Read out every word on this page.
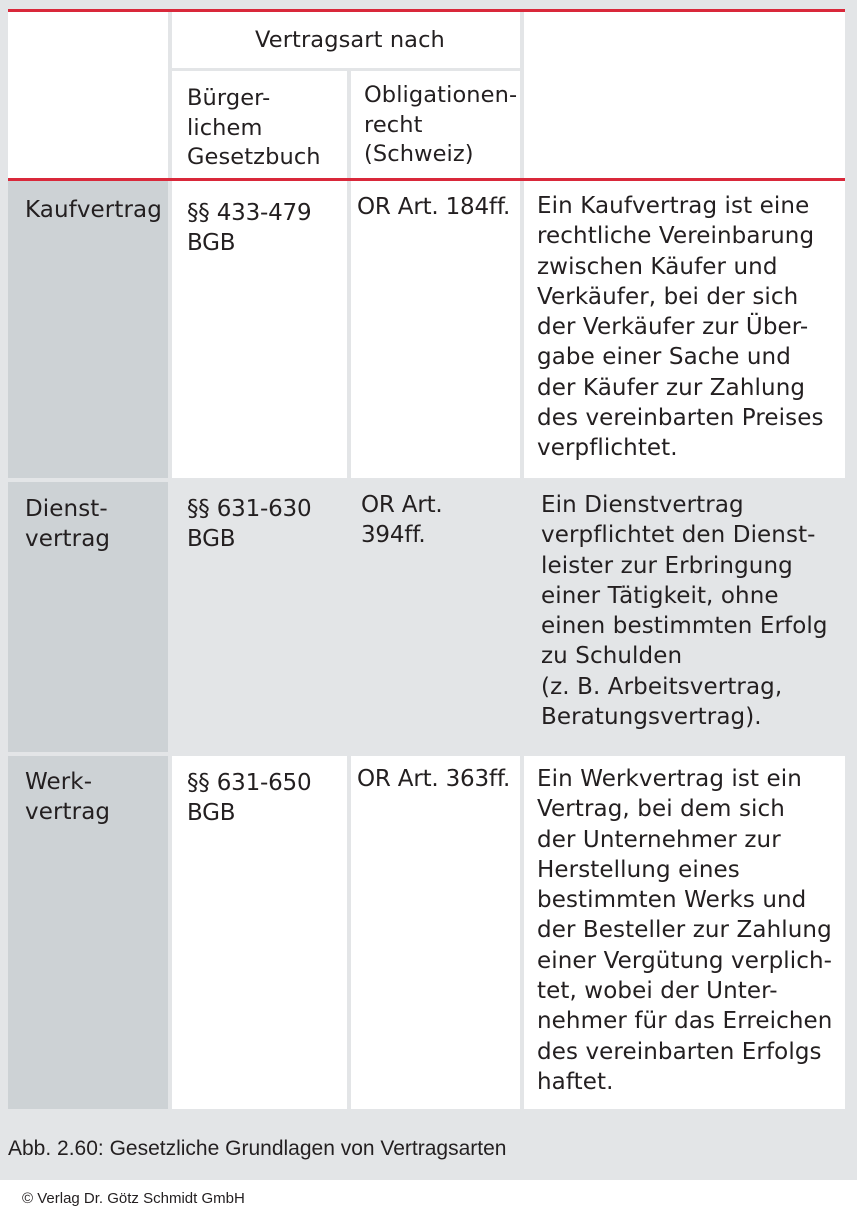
Vertragsart nach
Bürger-
lichem
Gesetzbuch
Obligationen-
recht
(Schweiz)
Kaufvertrag §§ 433-479
BGB
OR Art. 184ff. Ein Kaufvertrag ist eine
rechtliche Vereinbarung
zwischen Käufer und
Verkäufer, bei der sich
der Verkäufer zur Über-
gabe einer Sache und
der Käufer zur Zahlung
des vereinbarten Preises
verpflichtet.
Dienst-
vertrag
§§ 631-630
BGB
OR Art.
394ff.
Ein Dienstvertrag
verpflichtet den Dienst-
leister zur Erbringung
einer Tätigkeit, ohne
einen bestimmten Erfolg
zu Schulden
(z. B. Arbeitsvertrag,
Beratungsvertrag).
Werk-
vertrag
§§ 631-650
BGB
OR Art. 363ff. Ein Werkvertrag ist ein
Vertrag, bei dem sich
der Unternehmer zur
Herstellung eines
bestimmten Werks und
der Besteller zur Zahlung
einer Vergütung verplich-
tet, wobei der Unter-
nehmer für das Erreichen
des vereinbarten Erfolgs
haftet.
Abb. 2.60: Gesetzliche Grundlagen von Vertragsarten
© Verlag Dr. Götz Schmidt GmbH
